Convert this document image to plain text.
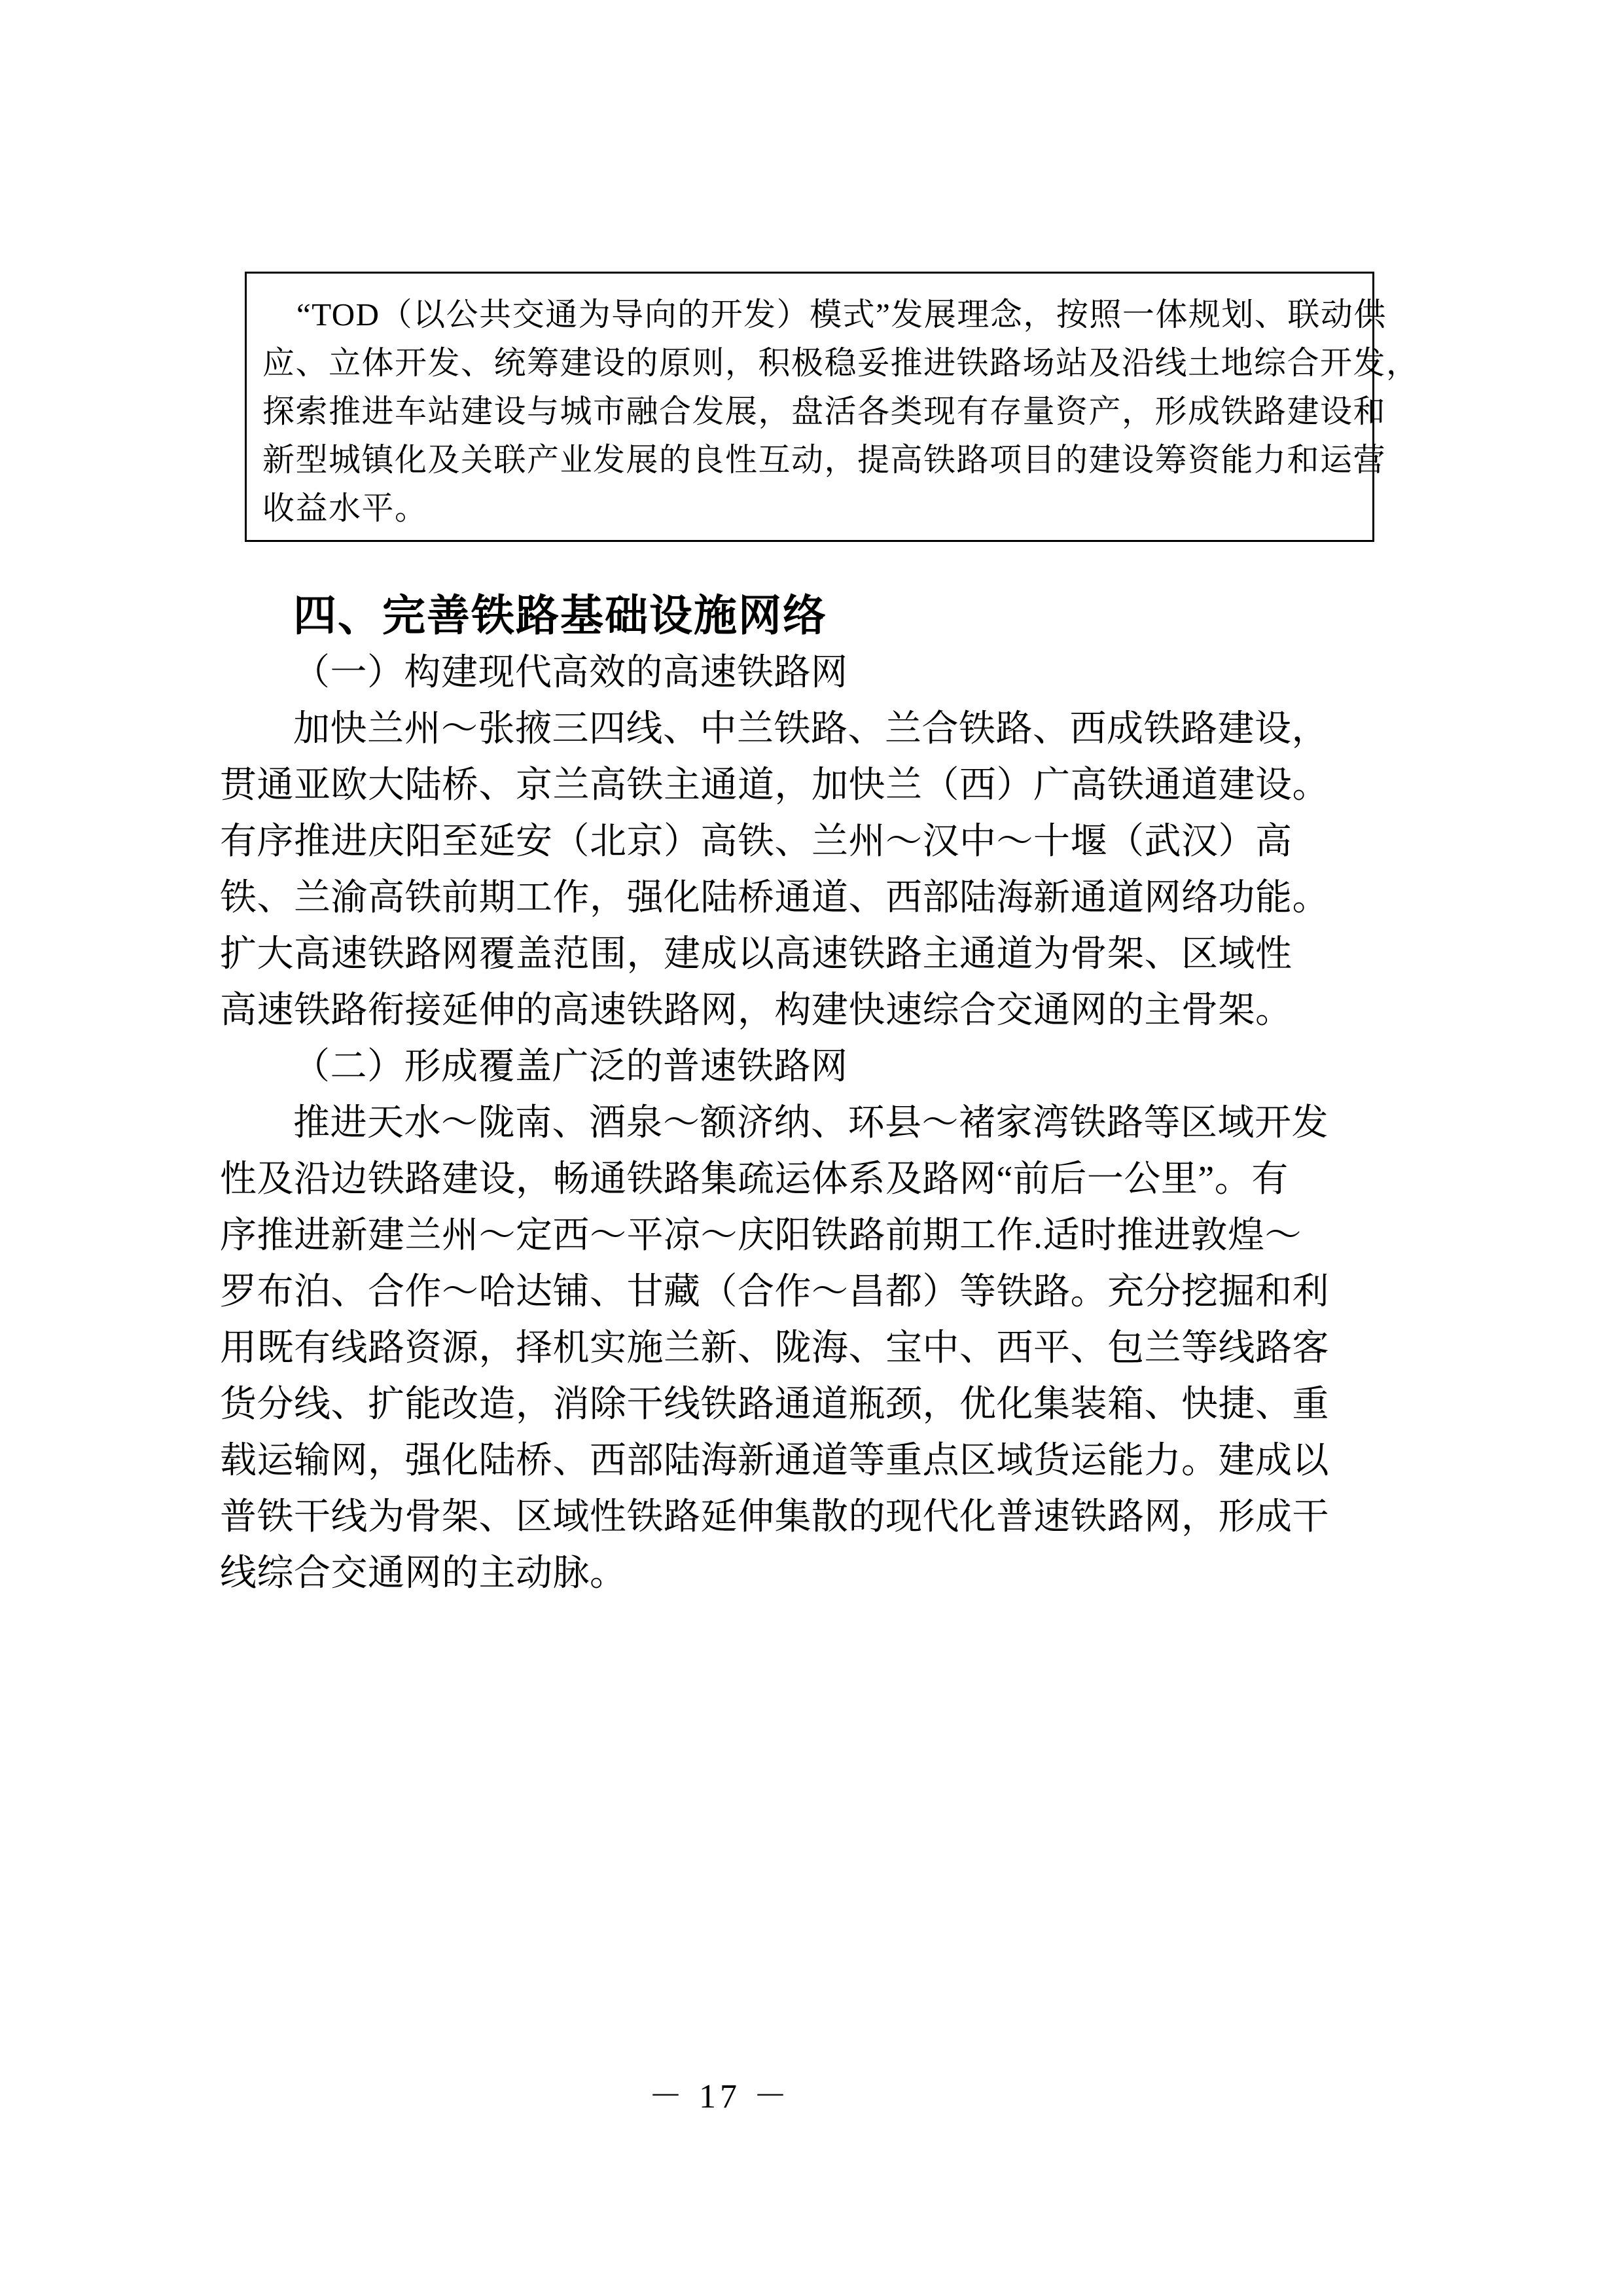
“TOD（以公共交通为导向的开发）模式”发展理念，按照一体规划、联动供
应、立体开发、统筹建设的原则，积极稳妥推进铁路场站及沿线土地综合开发，
探索推进车站建设与城市融合发展，盘活各类现有存量资产，形成铁路建设和
新型城镇化及关联产业发展的良性互动，提高铁路项目的建设筹资能力和运营
收益水平。
四、完善铁路基础设施网络
（一）构建现代高效的高速铁路网
加快兰州～张掖三四线、中兰铁路、兰合铁路、西成铁路建设，
贯通亚欧大陆桥、京兰高铁主通道，加快兰（西）广高铁通道建设。
有序推进庆阳至延安（北京）高铁、兰州～汉中～十堰（武汉）高
铁、兰渝高铁前期工作，强化陆桥通道、西部陆海新通道网络功能。
扩大高速铁路网覆盖范围，建成以高速铁路主通道为骨架、区域性
高速铁路衔接延伸的高速铁路网，构建快速综合交通网的主骨架。
（二）形成覆盖广泛的普速铁路网
推进天水～陇南、酒泉～额济纳、环县～褚家湾铁路等区域开发
性及沿边铁路建设，畅通铁路集疏运体系及路网“前后一公里”。有
序推进新建兰州～定西～平凉～庆阳铁路前期工作.适时推进敦煌～
罗布泊、合作～哈达铺、甘藏（合作～昌都）等铁路。充分挖掘和利
用既有线路资源，择机实施兰新、陇海、宝中、西平、包兰等线路客
货分线、扩能改造，消除干线铁路通道瓶颈，优化集装箱、快捷、重
载运输网，强化陆桥、西部陆海新通道等重点区域货运能力。建成以
普铁干线为骨架、区域性铁路延伸集散的现代化普速铁路网，形成干
线综合交通网的主动脉。
－ 17 －
